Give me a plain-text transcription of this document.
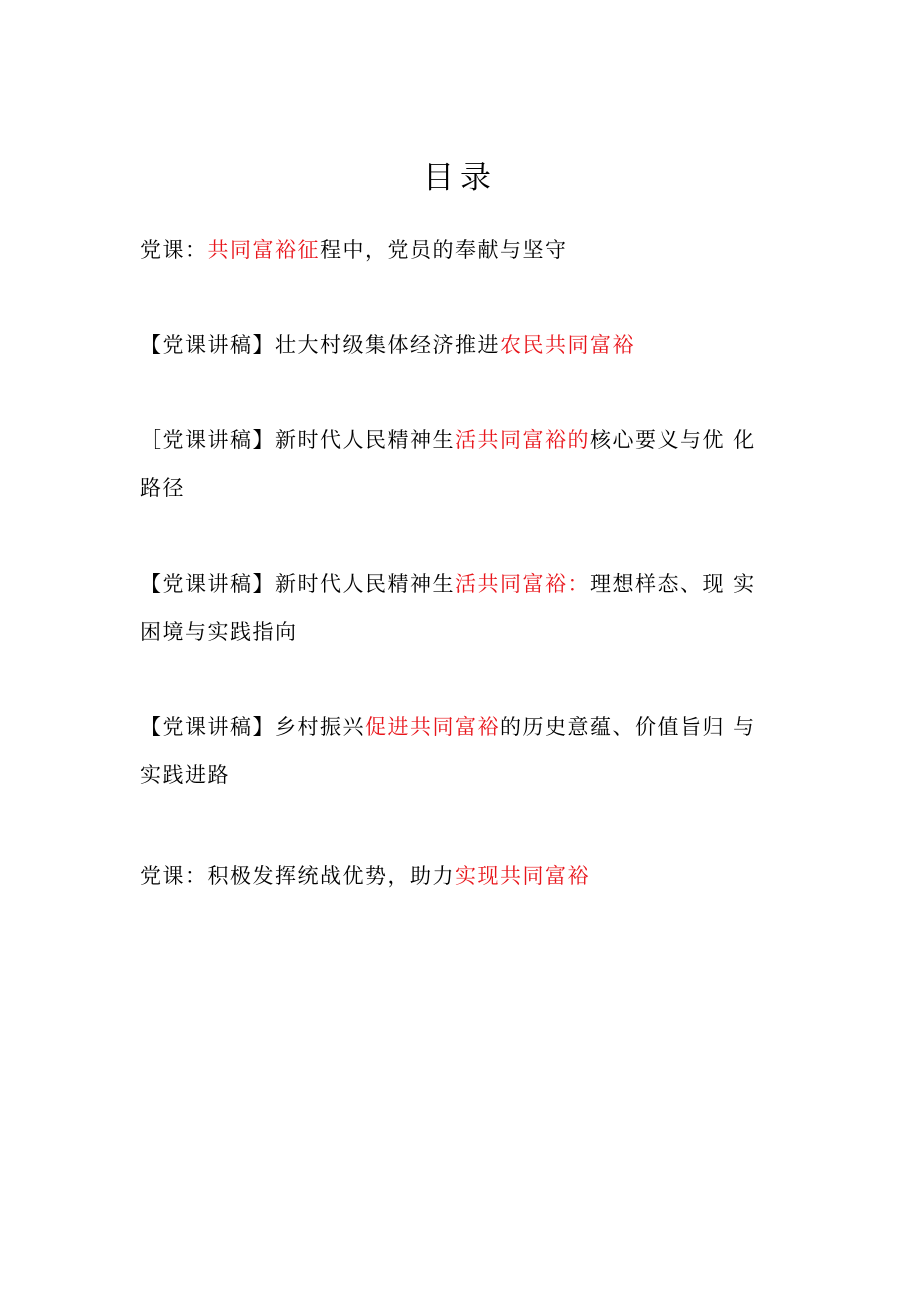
目录
党课：共同富裕征程中，党员的奉献与坚守
【党课讲稿】壮大村级集体经济推进农民共同富裕
［党课讲稿】新时代人民精神生活共同富裕的核心要义与优 化
路径
【党课讲稿】新时代人民精神生活共同富裕：理想样态、现 实
困境与实践指向
【党课讲稿】乡村振兴促进共同富裕的历史意蕴、价值旨归 与
实践进路
党课：积极发挥统战优势，助力实现共同富裕
